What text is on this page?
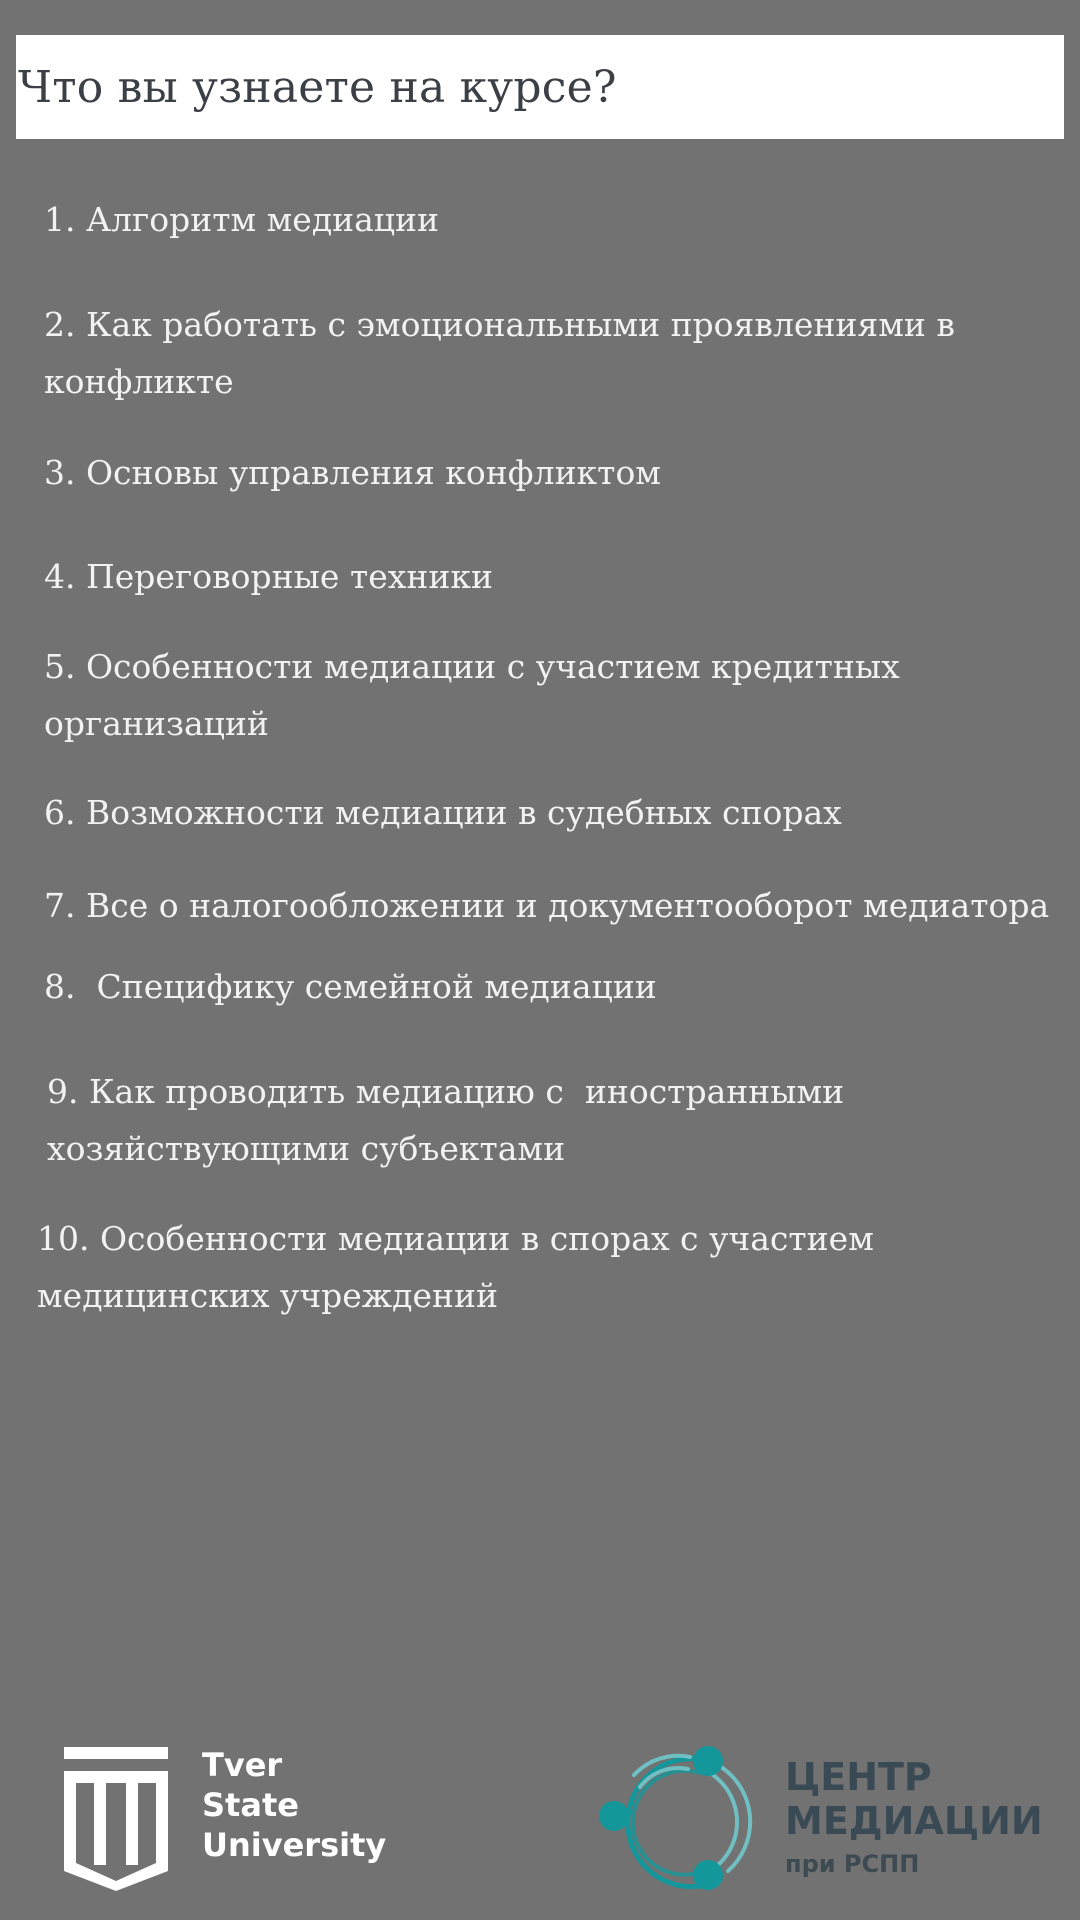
Что вы узнаете на курсе?
1. Алгоритм медиации
2. Как работать с эмоциональными проявлениями в конфликте
3. Основы управления конфликтом
4. Переговорные техники
5. Особенности медиации с участием кредитных организаций
6. Возможности медиации в судебных спорах
7. Все о налогообложении и документооборот медиатора
8.  Специфику семейной медиации
9. Как проводить медиацию с  иностранными хозяйствующими субъектами
10. Особенности медиации в спорах с участием медицинских учреждений
Tver
State
University
ЦЕНТР
МЕДИАЦИИ
при РСПП
